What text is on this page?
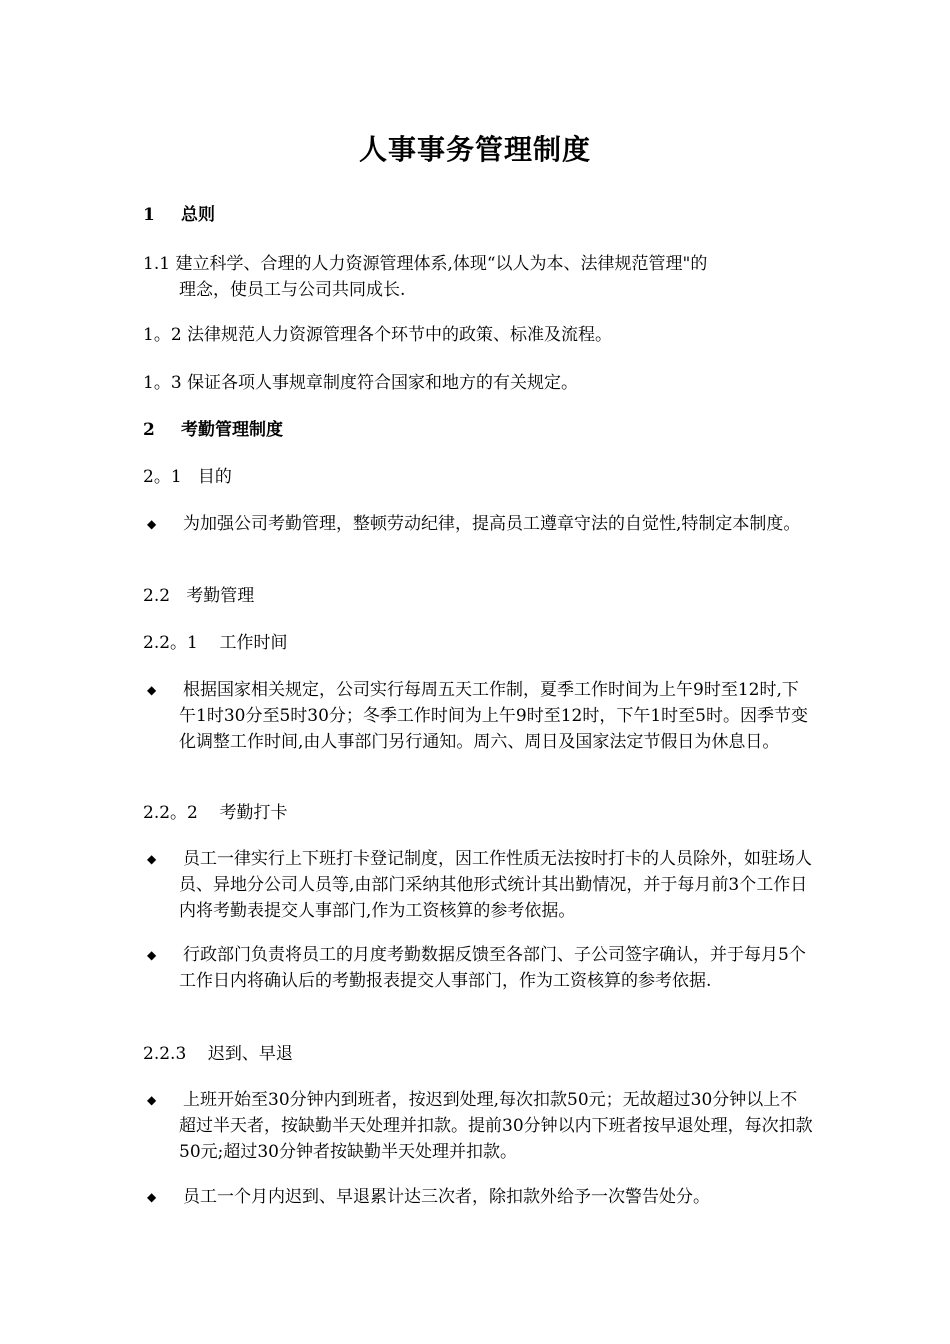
人事事务管理制度
1 总则
1.1 建立科学、合理的人力资源管理体系,体现“以人为本、法律规范管理"的
理念，使员工与公司共同成长.
1。2 法律规范人力资源管理各个环节中的政策、标准及流程。
1。3 保证各项人事规章制度符合国家和地方的有关规定。
2 考勤管理制度
2。1   目的
◆ 为加强公司考勤管理，整顿劳动纪律，提高员工遵章守法的自觉性,特制定本制度。
2.2   考勤管理
2.2。1    工作时间
◆ 根据国家相关规定，公司实行每周五天工作制，夏季工作时间为上午9时至12时,下午1时30分至5时30分；冬季工作时间为上午9时至12时，下午1时至5时。因季节变化调整工作时间,由人事部门另行通知。周六、周日及国家法定节假日为休息日。
2.2。2    考勤打卡
◆ 员工一律实行上下班打卡登记制度，因工作性质无法按时打卡的人员除外，如驻场人员、异地分公司人员等,由部门采纳其他形式统计其出勤情况，并于每月前3个工作日内将考勤表提交人事部门,作为工资核算的参考依据。
◆ 行政部门负责将员工的月度考勤数据反馈至各部门、子公司签字确认，并于每月5个工作日内将确认后的考勤报表提交人事部门，作为工资核算的参考依据.
2.2.3    迟到、早退
◆ 上班开始至30分钟内到班者，按迟到处理,每次扣款50元；无故超过30分钟以上不超过半天者，按缺勤半天处理并扣款。提前30分钟以内下班者按早退处理，每次扣款50元;超过30分钟者按缺勤半天处理并扣款。
◆ 员工一个月内迟到、早退累计达三次者，除扣款外给予一次警告处分。
